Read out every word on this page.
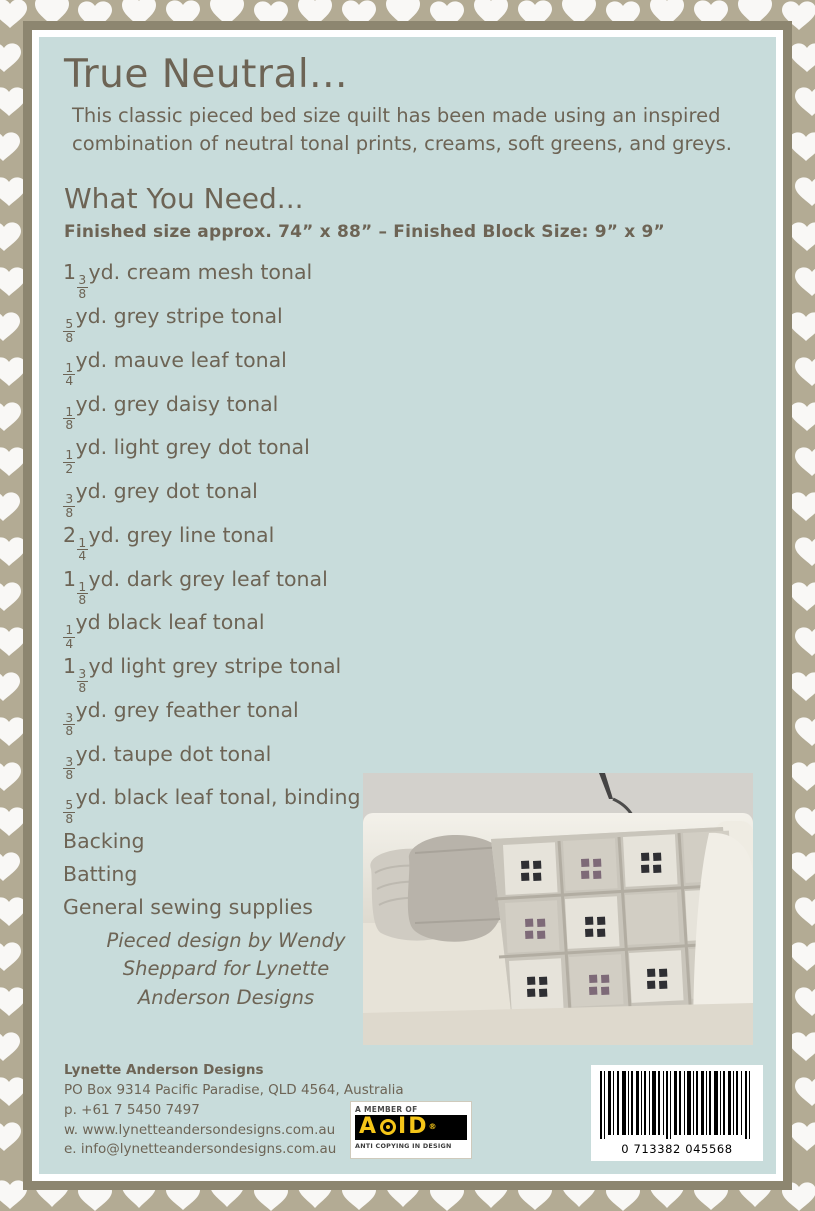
True Neutral...

This classic pieced bed size quilt has been made using an inspired combination of neutral tonal prints, creams, soft greens, and greys.

What You Need...
Finished size approx. 74” x 88” – Finished Block Size: 9” x 9”
1
$\frac{3}{8}$
yd. cream mesh tonal
$\frac{5}{8}$
yd. grey stripe tonal
$\frac{1}{4}$
yd. mauve leaf tonal
$\frac{1}{8}$
yd. grey daisy tonal
$\frac{1}{2}$
yd. light grey dot tonal
$\frac{3}{8}$
yd. grey dot tonal
2
$\frac{1}{4}$
yd. grey line tonal
1
$\frac{1}{8}$
yd. dark grey leaf tonal
$\frac{1}{4}$
yd black leaf tonal
1
$\frac{3}{8}$
yd light grey stripe tonal
$\frac{3}{8}$
yd. grey feather tonal
$\frac{3}{8}$
yd. taupe dot tonal
$\frac{5}{8}$
yd. black leaf tonal, binding
Backing
Batting
General sewing supplies
Pieced design by Wendy Sheppard for Lynette Anderson Designs
Lynette Anderson Designs
PO Box 9314 Pacific Paradise, QLD 4564, Australia
p. +61 7 5450 7497
w. www.lynetteandersondesigns.com.au
e. info@lynetteandersondesigns.com.au
A MEMBER OF
A I D ®
ANTI COPYING IN DESIGN	0 713382 045568
